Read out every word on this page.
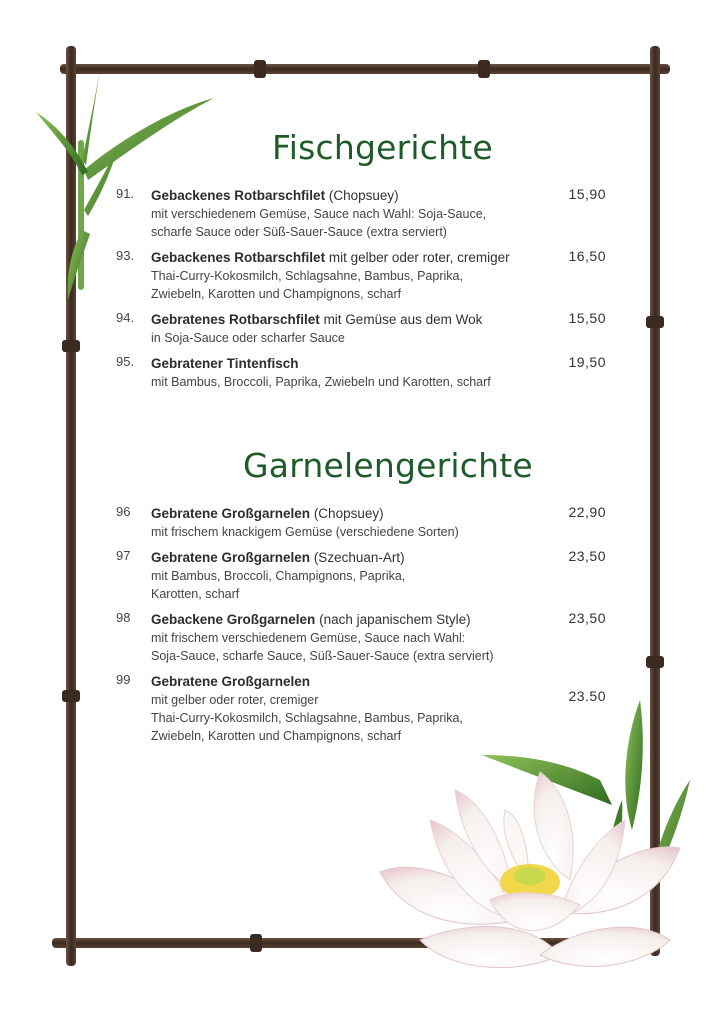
Fischgerichte
91. Gebackenes Rotbarschfilet (Chopsuey)
mit verschiedenem Gemüse, Sauce nach Wahl: Soja-Sauce,
scharfe Sauce oder Süß-Sauer-Sauce (extra serviert)
15,90
93. Gebackenes Rotbarschfilet mit gelber oder roter, cremiger
Thai-Curry-Kokosmilch, Schlagsahne, Bambus, Paprika,
Zwiebeln, Karotten und Champignons, scharf
16,50
94. Gebratenes Rotbarschfilet mit Gemüse aus dem Wok
in Soja-Sauce oder scharfer Sauce
15,50
95. Gebratener Tintenfisch
mit Bambus, Broccoli, Paprika, Zwiebeln und Karotten, scharf
19,50
Garnelengerichte
96 Gebratene Großgarnelen (Chopsuey)
mit frischem knackigem Gemüse (verschiedene Sorten)
22,90
97 Gebratene Großgarnelen (Szechuan-Art)
mit Bambus, Broccoli, Champignons, Paprika,
Karotten, scharf
23,50
98 Gebackene Großgarnelen (nach japanischem Style)
mit frischem verschiedenem Gemüse, Sauce nach Wahl:
Soja-Sauce, scharfe Sauce, Süß-Sauer-Sauce (extra serviert)
23,50
99 Gebratene Großgarnelen
mit gelber oder roter, cremiger
Thai-Curry-Kokosmilch, Schlagsahne, Bambus, Paprika,
Zwiebeln, Karotten und Champignons, scharf
23.50
